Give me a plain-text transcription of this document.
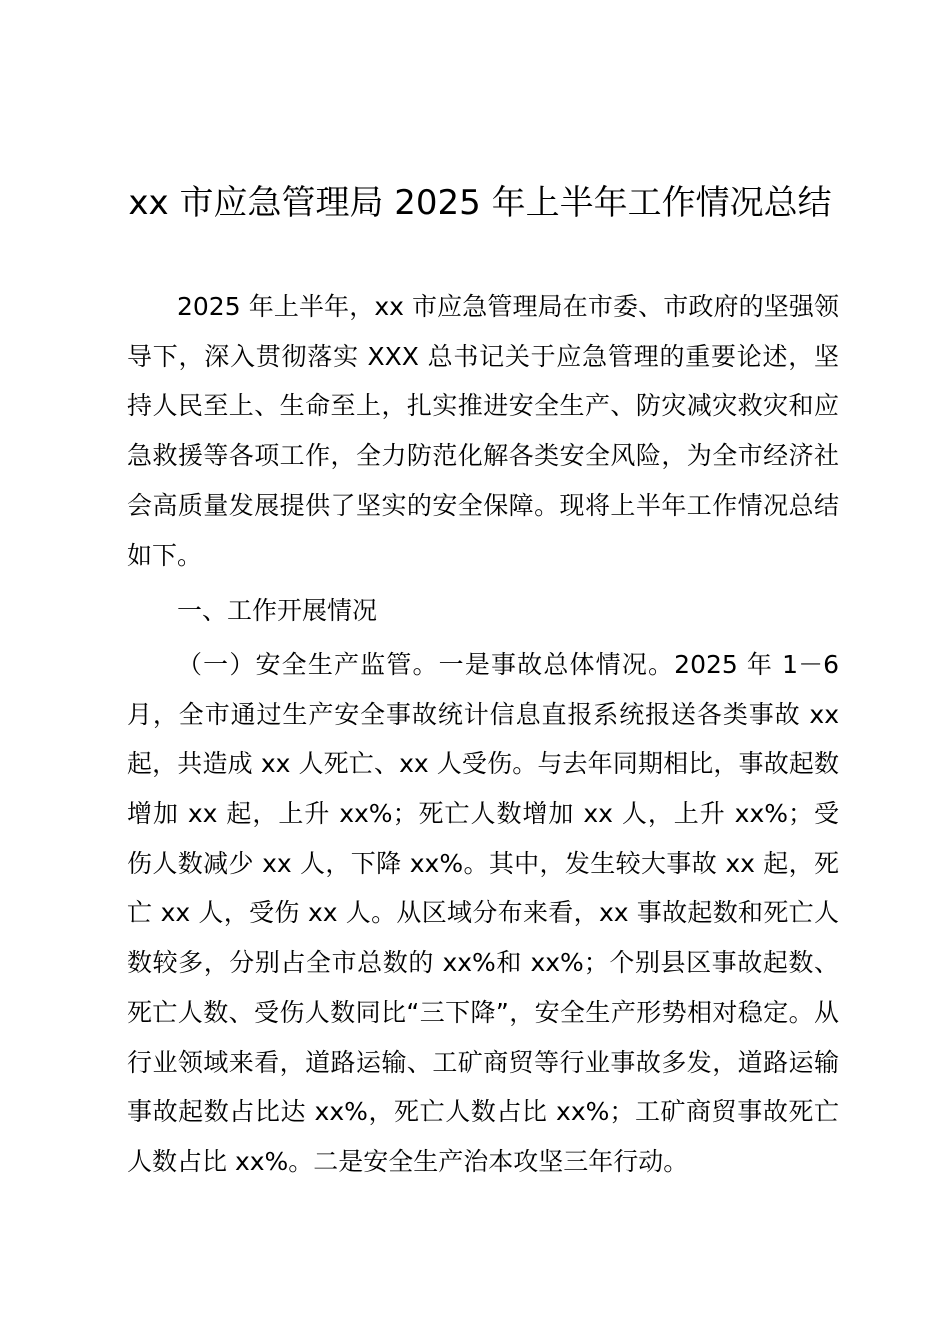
xx 市应急管理局 2025 年上半年工作情况总结

2025 年上半年，xx 市应急管理局在市委、市政府的坚强领导下，深入贯彻落实 XXX 总书记关于应急管理的重要论述，坚持人民至上、生命至上，扎实推进安全生产、防灾减灾救灾和应急救援等各项工作，全力防范化解各类安全风险，为全市经济社会高质量发展提供了坚实的安全保障。现将上半年工作情况总结如下。

一、工作开展情况

（一）安全生产监管。一是事故总体情况。2025 年 1－6 月，全市通过生产安全事故统计信息直报系统报送各类事故 xx 起，共造成 xx 人死亡、xx 人受伤。与去年同期相比，事故起数增加 xx 起，上升 xx%；死亡人数增加 xx 人，上升 xx%；受伤人数减少 xx 人，下降 xx%。其中，发生较大事故 xx 起，死亡 xx 人，受伤 xx 人。从区域分布来看，xx 事故起数和死亡人数较多，分别占全市总数的 xx%和 xx%；个别县区事故起数、死亡人数、受伤人数同比“三下降”，安全生产形势相对稳定。从行业领域来看，道路运输、工矿商贸等行业事故多发，道路运输事故起数占比达 xx%，死亡人数占比 xx%；工矿商贸事故死亡人数占比 xx%。二是安全生产治本攻坚三年行动。
